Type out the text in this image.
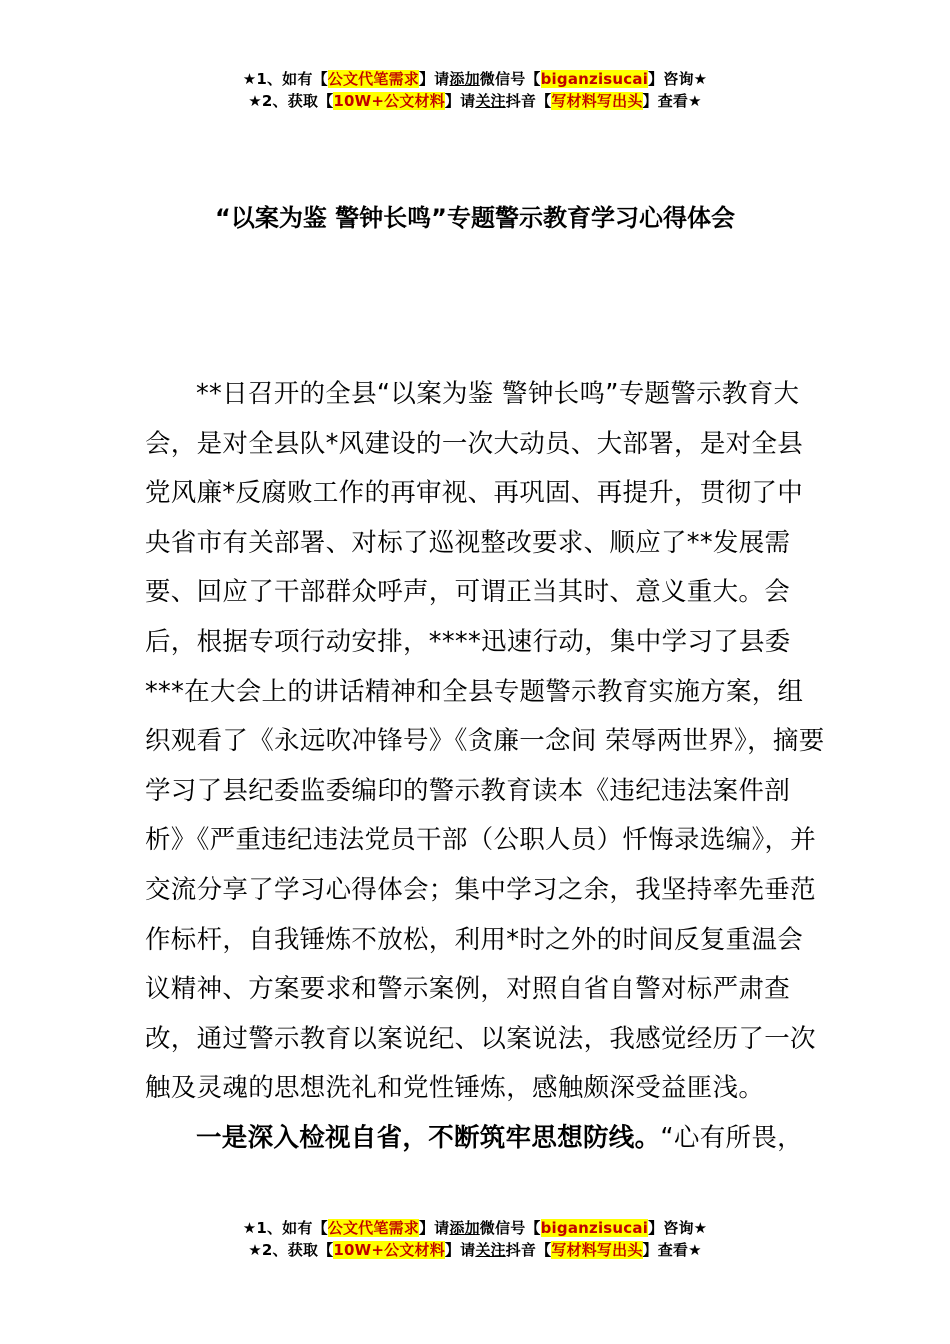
★1、如有【公文代笔需求】请添加微信号【biganzisucai】咨询★
★2、获取【10W+公文材料】请关注抖音【写材料写出头】查看★
“以案为鉴 警钟长鸣”专题警示教育学习心得体会

**日召开的全县“以案为鉴 警钟长鸣”专题警示教育大会，是对全县队*风建设的一次大动员、大部署，是对全县党风廉*反腐败工作的再审视、再巩固、再提升，贯彻了中央省市有关部署、对标了巡视整改要求、顺应了**发展需要、回应了干部群众呼声，可谓正当其时、意义重大。会后，根据专项行动安排，****迅速行动，集中学习了县委***在大会上的讲话精神和全县专题警示教育实施方案，组织观看了《永远吹冲锋号》《贪廉一念间 荣辱两世界》，摘要学习了县纪委监委编印的警示教育读本《违纪违法案件剖析》《严重违纪违法党员干部（公职人员）忏悔录选编》，并交流分享了学习心得体会；集中学习之余，我坚持率先垂范作标杆，自我锤炼不放松，利用*时之外的时间反复重温会议精神、方案要求和警示案例，对照自省自警对标严肃查改，通过警示教育以案说纪、以案说法，我感觉经历了一次触及灵魂的思想洗礼和党性锤炼，感触颇深受益匪浅。

一是深入检视自省，不断筑牢思想防线。“心有所畏，

★1、如有【公文代笔需求】请添加微信号【biganzisucai】咨询★
★2、获取【10W+公文材料】请关注抖音【写材料写出头】查看★
